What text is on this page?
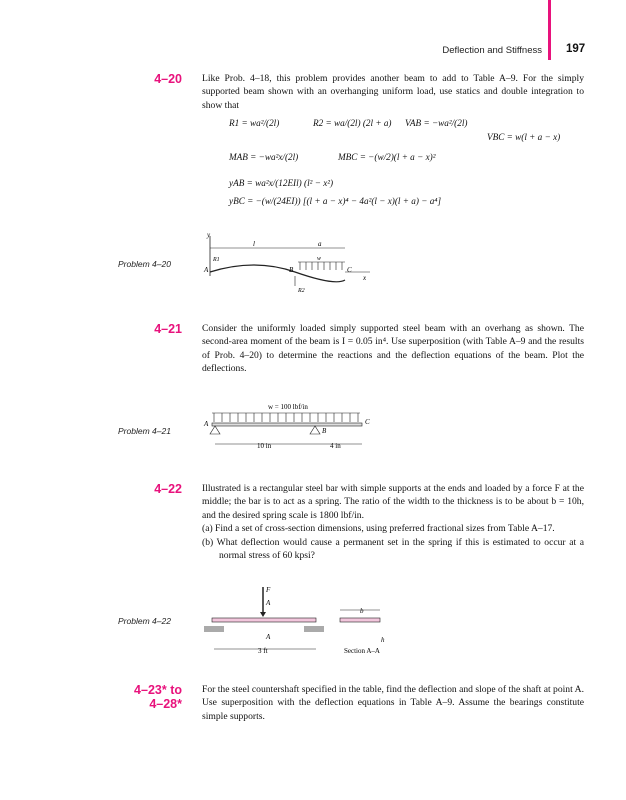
Deflection and Stiffness 197
4–20 Like Prob. 4–18, this problem provides another beam to add to Table A–9. For the simply supported beam shown with an overhanging uniform load, use statics and double integration to show that

R1 = wa²/(2l)	R2 = wa/(2l) (2l + a) VAB = −wa²/(2l)
VBC = w(l + a − x)
MAB = −wa²x/(2l)	MBC = −(w/2)(l + a − x)²
yAB = wa²x/(12EIl) (l² − x²)
yBC = −(w/(24EI)) [(l + a − x)⁴ − 4a²(l − x)(l + a) − a⁴]
Problem 4–20
y
l	a
R1	w
A	B	C
x
R2
4–21 Consider the uniformly loaded simply supported steel beam with an overhang as shown. The second-area moment of the beam is I = 0.05 in⁴. Use superposition (with Table A–9 and the results of Prob. 4–20) to determine the reactions and the deflection equations of the beam. Plot the deflections.

Problem 4–21
w = 100 lbf/in
A
B
C
10 in	4 in
4–22 Illustrated is a rectangular steel bar with simple supports at the ends and loaded by a force F at the middle; the bar is to act as a spring. The ratio of the width to the thickness is to be about b = 10h, and the desired spring scale is 1800 lbf/in.

(a) Find a set of cross-section dimensions, using preferred fractional sizes from Table A–17.
(b) What deflection would cause a permanent set in the spring if this is estimated to occur at a normal stress of 60 kpsi?
Problem 4–22
F
A
A
3 ft
b
h
Section A–A
4–23* to
4–28*

For the steel countershaft specified in the table, find the deflection and slope of the shaft at point A. Use superposition with the deflection equations in Table A–9. Assume the bearings constitute simple supports.
